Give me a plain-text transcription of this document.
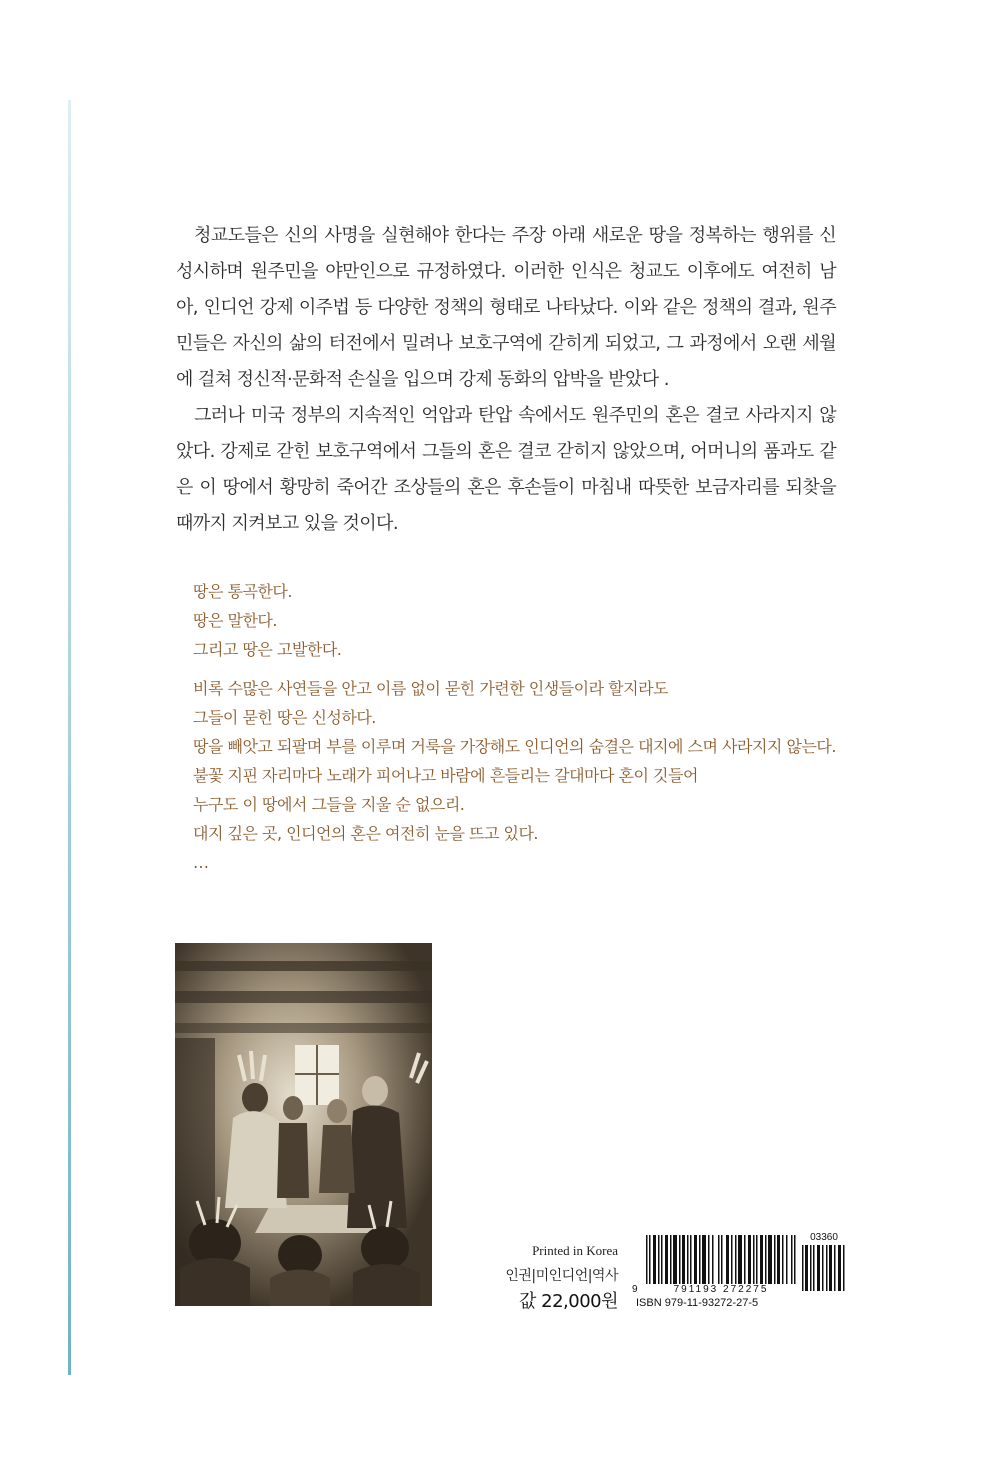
청교도들은 신의 사명을 실현해야 한다는 주장 아래 새로운 땅을 정복하는 행위를 신성시하며 원주민을 야만인으로 규정하였다. 이러한 인식은 청교도 이후에도 여전히 남아, 인디언 강제 이주법 등 다양한 정책의 형태로 나타났다. 이와 같은 정책의 결과, 원주민들은 자신의 삶의 터전에서 밀려나 보호구역에 갇히게 되었고, 그 과정에서 오랜 세월에 걸쳐 정신적·문화적 손실을 입으며 강제 동화의 압박을 받았다 .

그러나 미국 정부의 지속적인 억압과 탄압 속에서도 원주민의 혼은 결코 사라지지 않았다. 강제로 갇힌 보호구역에서 그들의 혼은 결코 갇히지 않았으며, 어머니의 품과도 같은 이 땅에서 황망히 죽어간 조상들의 혼은 후손들이 마침내 따뜻한 보금자리를 되찾을 때까지 지켜보고 있을 것이다.

땅은 통곡한다.
땅은 말한다.
그리고 땅은 고발한다.
비록 수많은 사연들을 안고 이름 없이 묻힌 가련한 인생들이라 할지라도
그들이 묻힌 땅은 신성하다.
땅을 빼앗고 되팔며 부를 이루며 거룩을 가장해도 인디언의 숨결은 대지에 스며 사라지지 않는다.
불꽃 지핀 자리마다 노래가 피어나고 바람에 흔들리는 갈대마다 혼이 깃들어
누구도 이 땅에서 그들을 지울 순 없으리.
대지 깊은 곳, 인디언의 혼은 여전히 눈을 뜨고 있다.
…
Printed in Korea
인권|미인디언|역사
값 22,000원
03360
9	791193 272275
ISBN 979-11-93272-27-5
